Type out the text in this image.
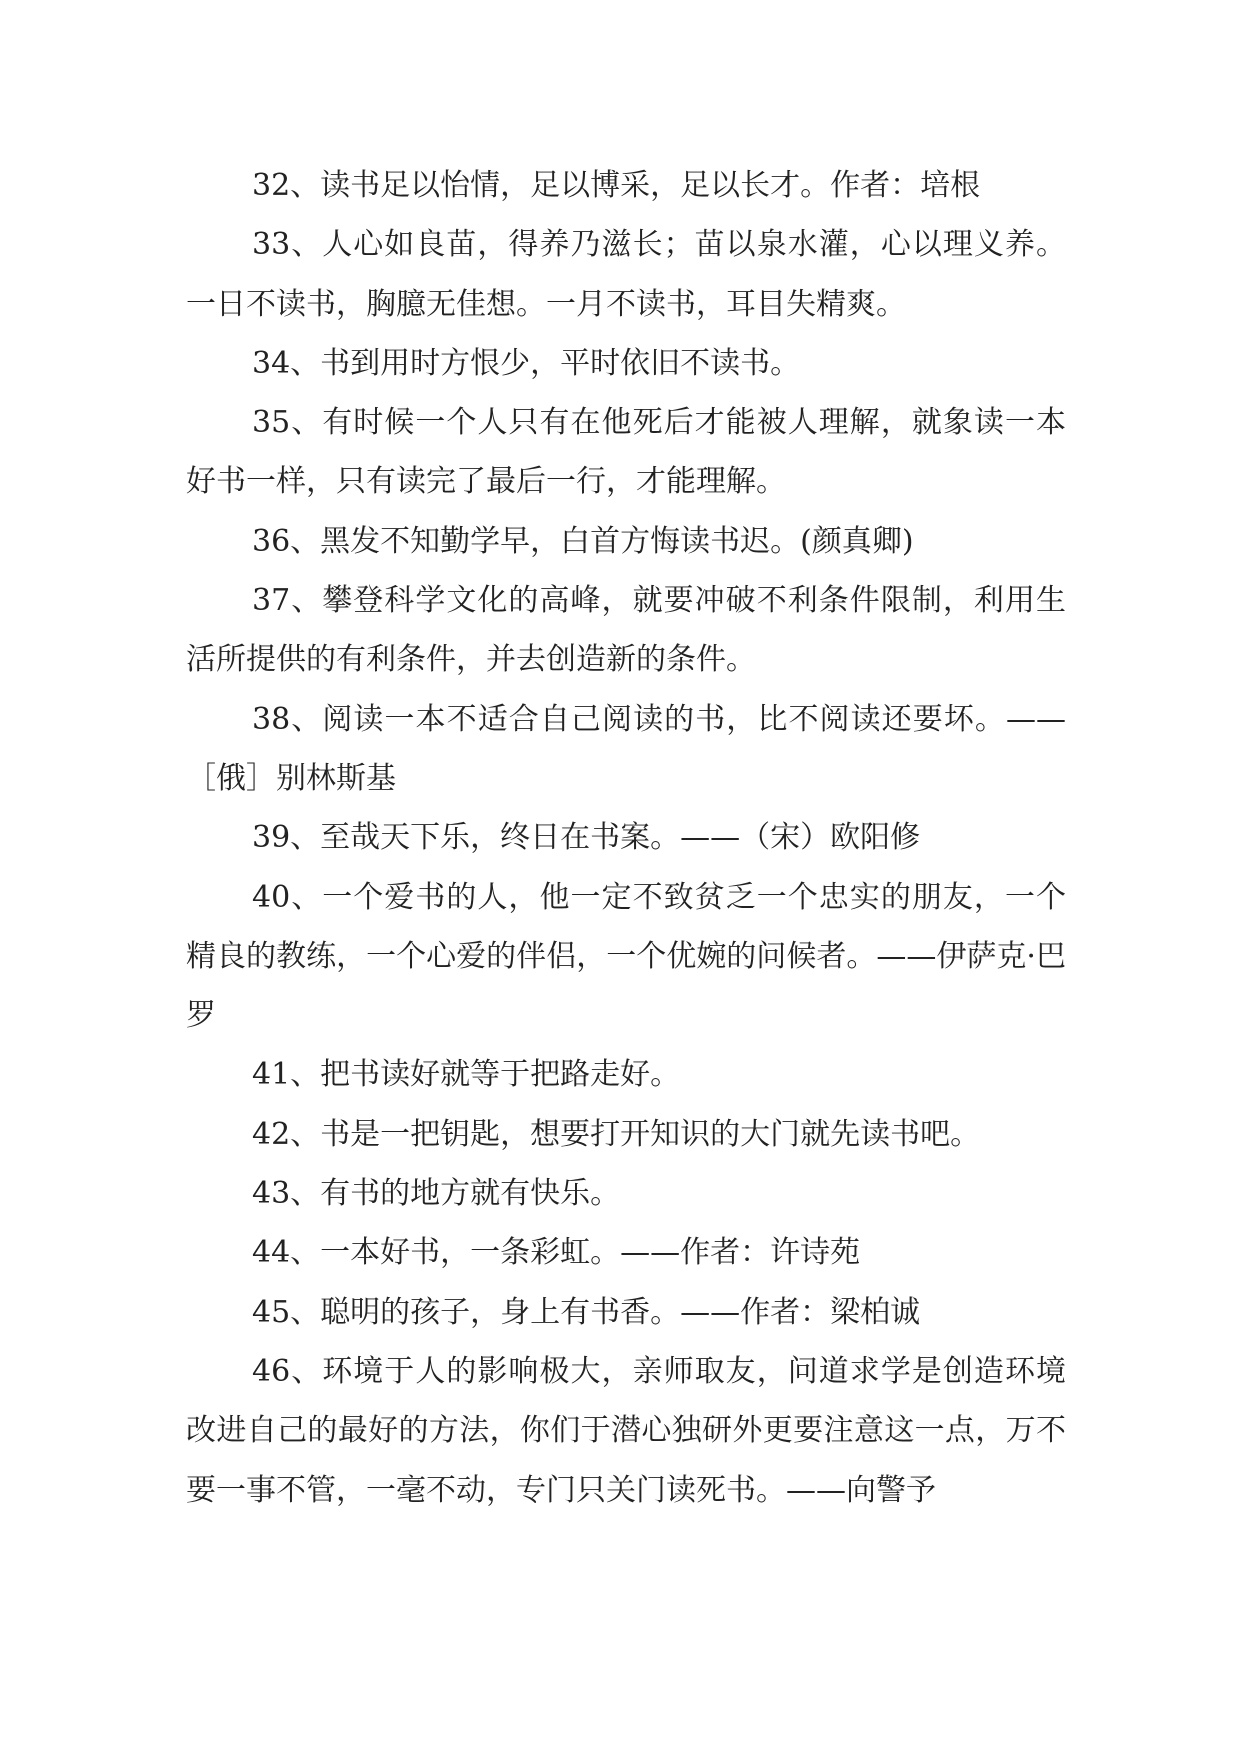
32、读书足以怡情，足以博采，足以长才。作者：培根

33、人心如良苗，得养乃滋长；苗以泉水灌，心以理义养。一日不读书，胸臆无佳想。一月不读书，耳目失精爽。

34、书到用时方恨少，平时依旧不读书。

35、有时候一个人只有在他死后才能被人理解，就象读一本好书一样，只有读完了最后一行，才能理解。

36、黑发不知勤学早，白首方悔读书迟。(颜真卿)

37、攀登科学文化的高峰，就要冲破不利条件限制，利用生活所提供的有利条件，并去创造新的条件。

38、阅读一本不适合自己阅读的书，比不阅读还要坏。——［俄］别林斯基

39、至哉天下乐，终日在书案。——（宋）欧阳修

40、一个爱书的人，他一定不致贫乏一个忠实的朋友，一个精良的教练，一个心爱的伴侣，一个优婉的问候者。——伊萨克·巴罗

41、把书读好就等于把路走好。

42、书是一把钥匙，想要打开知识的大门就先读书吧。

43、有书的地方就有快乐。

44、一本好书，一条彩虹。——作者：许诗苑

45、聪明的孩子，身上有书香。——作者：梁柏诚

46、环境于人的影响极大，亲师取友，问道求学是创造环境改进自己的最好的方法，你们于潜心独研外更要注意这一点，万不要一事不管，一毫不动，专门只关门读死书。——向警予
